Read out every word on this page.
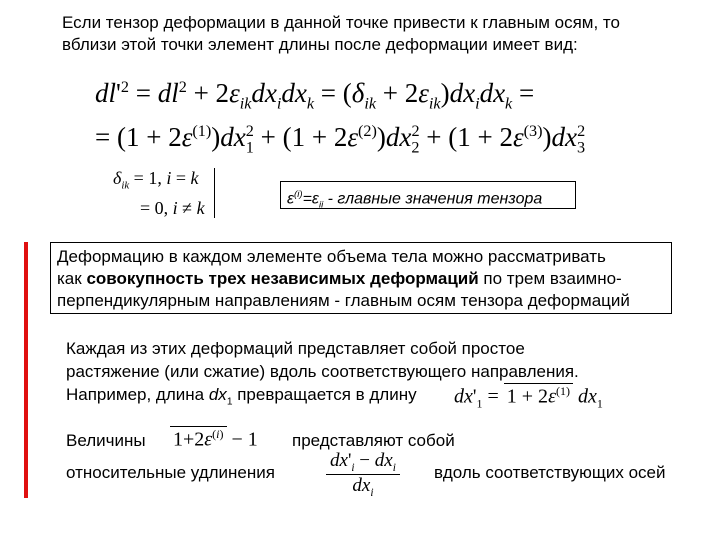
Если тензор деформации в данной точке привести к главным осям, то
вблизи этой точки элемент длины после деформации имеет вид:
$dl'^2 = dl^2 + 2\varepsilon_{ik}dx_idx_k = (\delta_{ik} + 2\varepsilon_{ik})dx_idx_k$ =
= $(1 + 2\varepsilon^{(1)})dx_1^2 + (1 + 2\varepsilon^{(2)})dx_2^2 + (1 + 2\varepsilon^{(3)})dx_3^2$
$\delta_{ik} = 1$, i = k
= 0, i ≠ k	$\varepsilon^{(i)}=\varepsilon_{ii}$ - главные значения тензора
Деформацию в каждом элементе объема тела можно рассматривать
как совокупность трех независимых деформаций по трем взаимно-
перпендикулярным направлениям - главным осям тензора деформаций
Каждая из этих деформаций представляет собой простое
растяжение (или сжатие) вдоль соответствующего направления.
Например, длина $dx_1$ превращается в длину $dx'_1 = 1 + 2\varepsilon^{(1)}$ $dx_1$
Величины $1+2\varepsilon^{(i)} - 1$ представляют собой
относительные удлинения	$\frac{dx'_i - dx_i}{dx_i}$ вдоль соответствующих осей
